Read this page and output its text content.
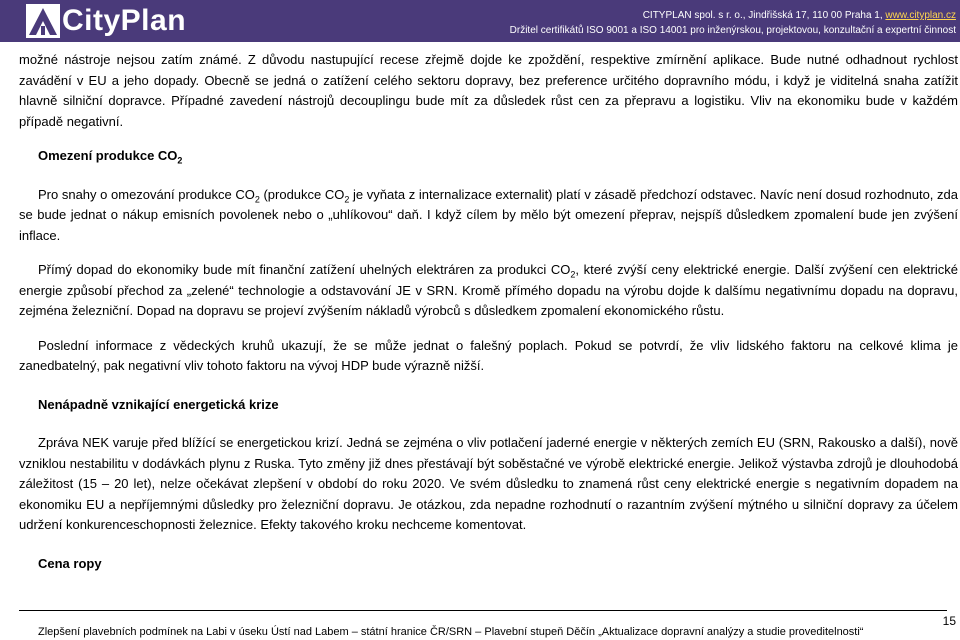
CityPlan	CITYPLAN spol. s r. o., Jindřišská 17, 110 00 Praha 1, www.cityplan.cz
Držitel certifikátů ISO 9001 a ISO 14001 pro inženýrskou, projektovou, konzultační a expertní činnost

možné nástroje nejsou zatím známé. Z důvodu nastupující recese zřejmě dojde ke zpoždění, respektive zmírnění aplikace. Bude nutné odhadnout rychlost zavádění v EU a jeho dopady. Obecně se jedná o zatížení celého sektoru dopravy, bez preference určitého dopravního módu, i když je viditelná snaha zatížit hlavně silniční dopravce. Případné zavedení nástrojů decouplingu bude mít za důsledek růst cen za přepravu a logistiku. Vliv na ekonomiku bude v každém případě negativní.

Omezení produkce $CO_2$

Pro snahy o omezování produkce $CO_2$ (produkce $CO_2$ je vyňata z internalizace externalit) platí v zásadě předchozí odstavec. Navíc není dosud rozhodnuto, zda se bude jednat o nákup emisních povolenek nebo o „uhlíkovou“ daň. I když cílem by mělo být omezení přeprav, nejspíš důsledkem zpomalení bude jen zvýšení inflace.

Přímý dopad do ekonomiky bude mít finanční zatížení uhelných elektráren za produkci $CO_2$, které zvýší ceny elektrické energie. Další zvýšení cen elektrické energie způsobí přechod za „zelené“ technologie a odstavování JE v SRN. Kromě přímého dopadu na výrobu dojde k dalšímu negativnímu dopadu na dopravu, zejména železniční. Dopad na dopravu se projeví zvýšením nákladů výrobců s důsledkem zpomalení ekonomického růstu.

Poslední informace z vědeckých kruhů ukazují, že se může jednat o falešný poplach. Pokud se potvrdí, že vliv lidského faktoru na celkové klima je zanedbatelný, pak negativní vliv tohoto faktoru na vývoj HDP bude výrazně nižší.

Nenápadně vznikající energetická krize

Zpráva NEK varuje před blížící se energetickou krizí. Jedná se zejména o vliv potlačení jaderné energie v některých zemích EU (SRN, Rakousko a další), nově vzniklou nestabilitu v dodávkách plynu z Ruska. Tyto změny již dnes přestávají být soběstačné ve výrobě elektrické energie. Jelikož výstavba zdrojů je dlouhodobá záležitost (15 – 20 let), nelze očekávat zlepšení v období do roku 2020. Ve svém důsledku to znamená růst ceny elektrické energie s negativním dopadem na ekonomiku EU a nepříjemnými důsledky pro železniční dopravu. Je otázkou, zda nepadne rozhodnutí o razantním zvýšení mýtného u silniční dopravy za účelem udržení konkurenceschopnosti železnice. Efekty takového kroku nechceme komentovat.

Cena ropy

15
Zlepšení plavebních podmínek na Labi v úseku Ústí nad Labem – státní hranice ČR/SRN – Plavební stupeň Děčín „Aktualizace dopravní analýzy a studie proveditelnosti“
